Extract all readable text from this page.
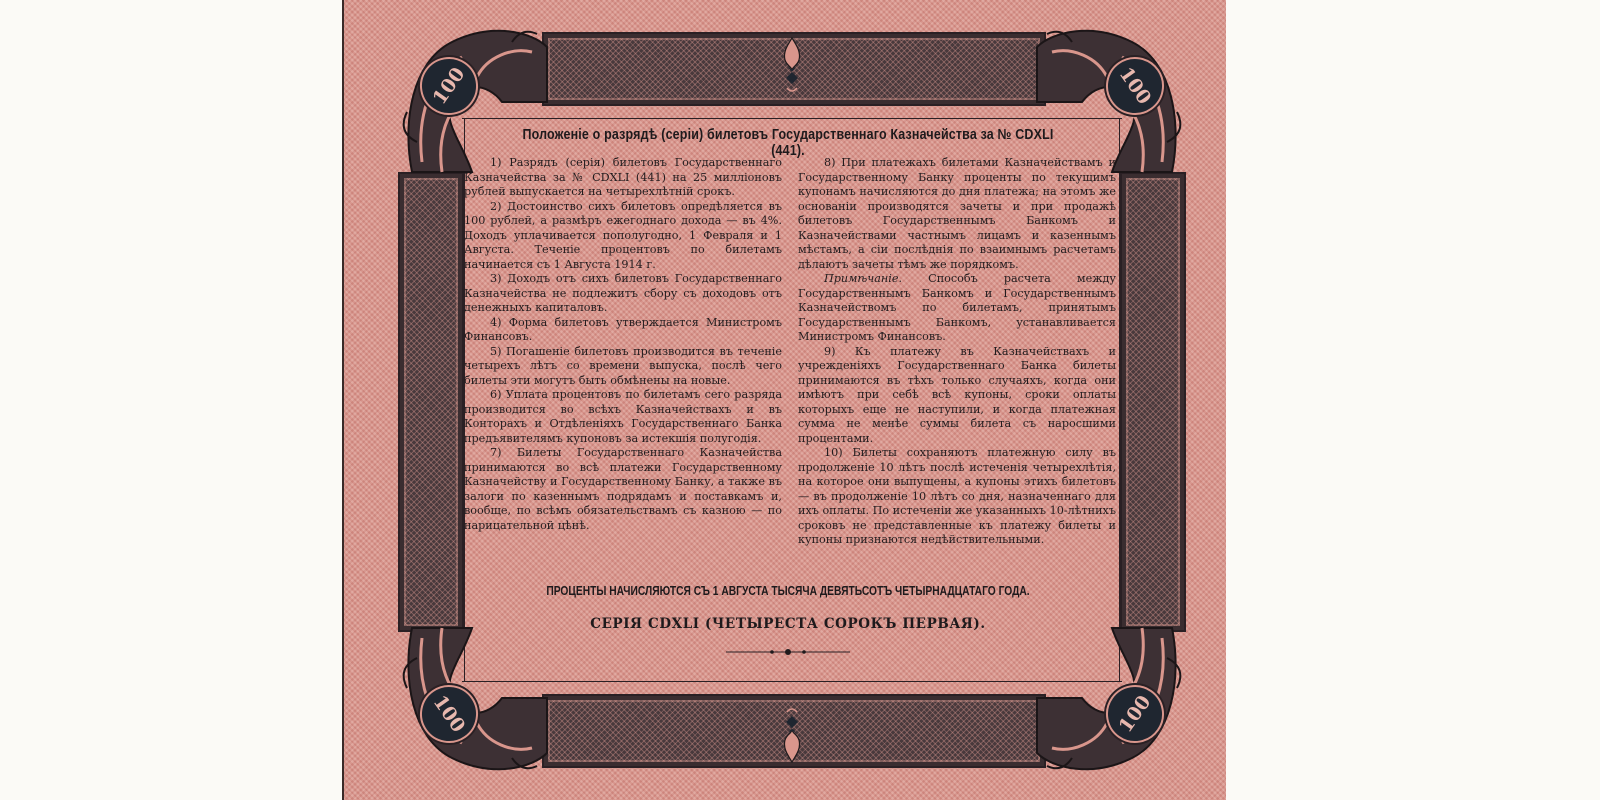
100	100
100	100
Положенiе о разрядѣ (серiи) билетовъ Государственнаго Казначейства за № CDXLI (441).

1) Разрядъ (серiя) билетовъ Государственнаго Казначейства за № CDXLI (441) на 25 миллiоновъ рублей выпускается на четырехлѣтнiй срокъ.

2) Достоинство сихъ билетовъ опредѣляется въ 100 рублей, а размѣръ ежегоднаго дохода — въ 4%. Доходъ уплачивается пополугодно, 1 Февраля и 1 Августа. Теченiе процентовъ по билетамъ начинается съ 1 Августа 1914 г.

3) Доходъ отъ сихъ билетовъ Государственнаго Казначейства не подлежитъ сбору съ доходовъ отъ денежныхъ капиталовъ.

4) Форма билетовъ утверждается Министромъ Финансовъ.

5) Погашенiе билетовъ производится въ теченiе четырехъ лѣтъ со времени выпуска, послѣ чего билеты эти могутъ быть обмѣнены на новые.

6) Уплата процентовъ по билетамъ сего разряда производится во всѣхъ Казначействахъ и въ Конторахъ и Отдѣленiяхъ Государственнаго Банка предъявителямъ купоновъ за истекшiя полугодiя.

7) Билеты Государственнаго Казначейства принимаются во всѣ платежи Государственному Казначейству и Государственному Банку, а также въ залоги по казеннымъ подрядамъ и поставкамъ и, вообще, по всѣмъ обязательствамъ съ казною — по нарицательной цѣнѣ.

8) При платежахъ билетами Казначействамъ и Государственному Банку проценты по текущимъ купонамъ начисляются до дня платежа; на этомъ же основанiи производятся зачеты и при продажѣ билетовъ Государственнымъ Банкомъ и Казначействами частнымъ лицамъ и казеннымъ мѣстамъ, а сiи послѣднiя по взаимнымъ расчетамъ дѣлаютъ зачеты тѣмъ же порядкомъ.

Примѣчанiе. Способъ расчета между Государственнымъ Банкомъ и Государственнымъ Казначействомъ по билетамъ, принятымъ Государственнымъ Банкомъ, устанавливается Министромъ Финансовъ.

9) Къ платежу въ Казначействахъ и учрежденiяхъ Государственнаго Банка билеты принимаются въ тѣхъ только случаяхъ, когда они имѣютъ при себѣ всѣ купоны, сроки оплаты которыхъ еще не наступили, и когда платежная сумма не менѣе суммы билета съ наросшими процентами.

10) Билеты сохраняютъ платежную силу въ продолженiе 10 лѣтъ послѣ истеченiя четырехлѣтiя, на которое они выпущены, а купоны этихъ билетовъ — въ продолженiе 10 лѣтъ со дня, назначеннаго для ихъ оплаты. По истеченiи же указанныхъ 10-лѣтнихъ сроковъ не представленные къ платежу билеты и купоны признаются недѣйствительными.

ПРОЦЕНТЫ НАЧИСЛЯЮТСЯ СЪ 1 АВГУСТА ТЫСЯЧА ДЕВЯТЬСОТЪ ЧЕТЫРНАДЦАТАГО ГОДА.
СЕРIЯ CDXLI (ЧЕТЫРЕСТА СОРОКЪ ПЕРВАЯ).
